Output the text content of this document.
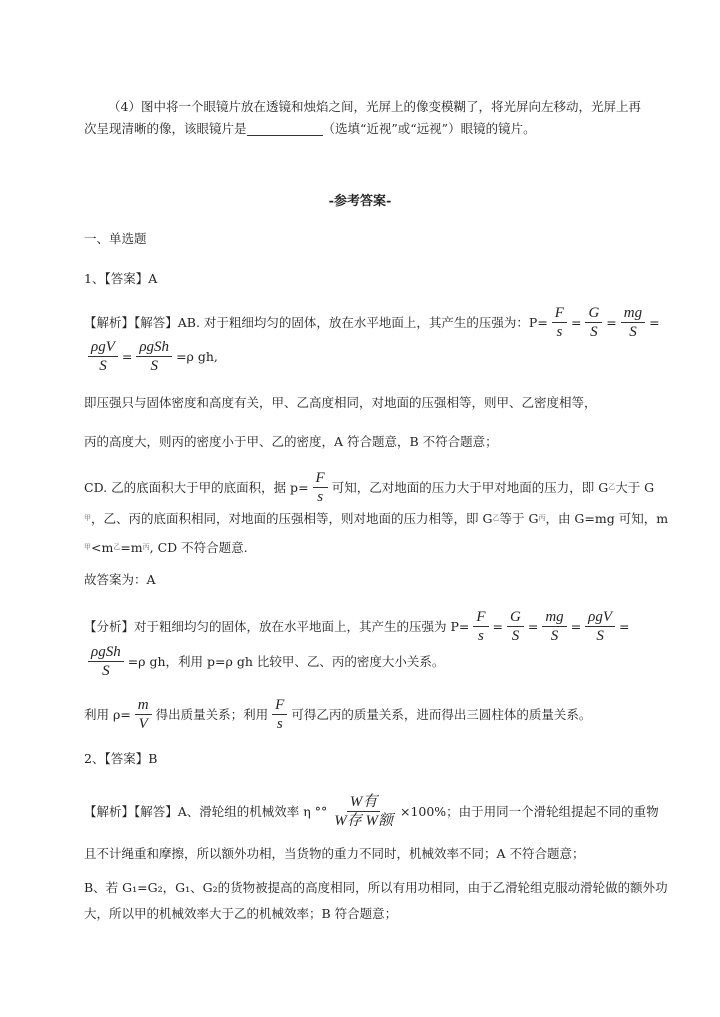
-参考答案-
（4）图中将一个眼镜片放在透镜和烛焰之间，光屏上的像变模糊了，将光屏向左移动，光屏上再
次呈现清晰的像，该眼镜片是	（选填“近视”或“远视”）眼镜的镜片。
一、单选题
1、【答案】A
【解析】【解答】AB. 对于粗细均匀的固体，放在水平地面上，其产生的压强为：$P= \frac{F}{s} = \frac{G}{S} = \frac{mg}{S}$ =
$\frac{\text{ρgV}}{S} = \frac{\text{ρgSh}}{S} =\rho$ gh,
即压强只与固体密度和高度有关，甲、乙高度相同，对地面的压强相等，则甲、乙密度相等，
丙的高度大，则丙的密度小于甲、乙的密度，A 符合题意，B 不符合题意；
CD. 乙的底面积大于甲的底面积，据 $p= \frac{F}{s}$ 可知，乙对地面的压力大于甲对地面的压力，即 G 乙 大于 G
甲 ，乙、丙的底面积相同，对地面的压强相等，则对地面的压力相等，即 G 乙 等于 G 丙 ，由 G=mg 可知，m
甲 <m 乙 =m 丙 , CD 不符合题意.
故答案为：A
【分析】对于粗细均匀的固体，放在水平地面上，其产生的压强为 $P= \frac{F}{s} = \frac{G}{S} = \frac{mg}{S} = \frac{\text{ρgV}}{S}$ =
$\frac{\text{ρgSh}}{S} =\rho$ gh，利用 p=ρ gh 比较甲、乙、丙的密度大小关系。
利用 $\rho= \frac{m}{V}$ 得出质量关系；利用 $\frac{F}{s}$ 可得乙丙的质量关系，进而得出三圆柱体的质量关系。
2、【答案】B
【解析】【解答】A、滑轮组的机械效率 η °° $\frac{\text{W有}}{\text{W存 W额}} \times 100\%$；由于用同一个滑轮组提起不同的重物
且不计绳重和摩擦，所以额外功相，当货物的重力不同时，机械效率不同；A 不符合题意；
B、若 G₁=G₂，G₁、G₂的货物被提高的高度相同，所以有用功相同，由于乙滑轮组克服动滑轮做的额外功
大，所以甲的机械效率大于乙的机械效率；B 符合题意；
